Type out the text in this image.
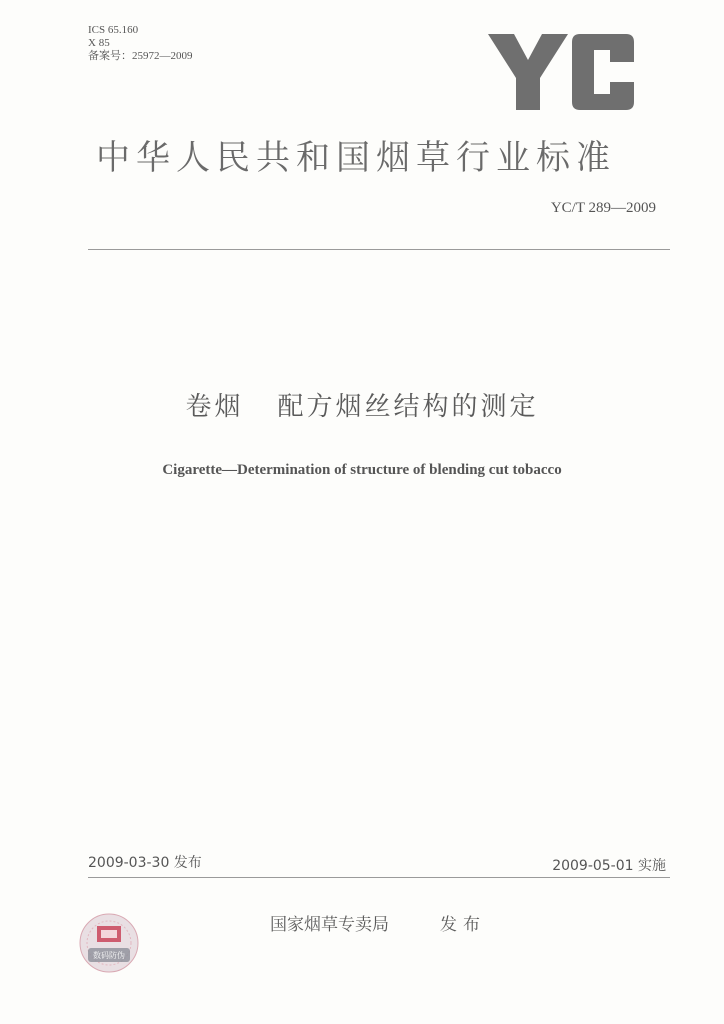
ICS 65.160
X 85
备案号：25972—2009
中华人民共和国烟草行业标准
YC/T 289—2009
卷烟 配方烟丝结构的测定
Cigarette—Determination of structure of blending cut tobacco
2009-03-30 发布	2009-05-01 实施
数码防伪
国家烟草专卖局	发布
